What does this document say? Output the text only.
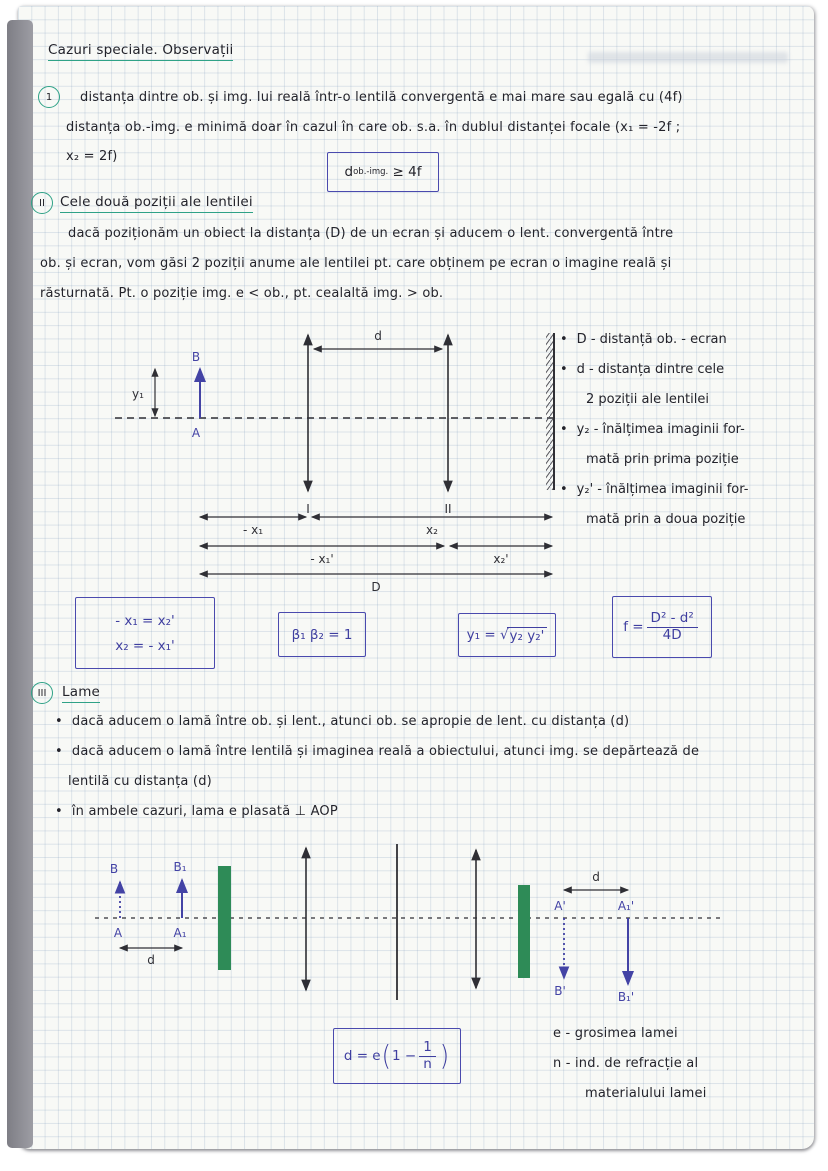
Cazuri speciale. Observații
1	distanța dintre ob. și img. lui reală într-o lentilă convergentă e mai mare sau egală cu (4f)
distanța ob.-img. e minimă doar în cazul în care ob. s.a. în dublul distanței focale (x₁ = -2f ;
x₂ = 2f)
d ob.-img.
≥ 4f
II	Cele două poziții ale lentilei
dacă poziționăm un obiect la distanța (D) de un ecran și aducem o lent. convergentă între
ob. și ecran, vom găsi 2 poziții anume ale lentilei pt. care obținem pe ecran o imagine reală și
răsturnată. Pt. o poziție img. e < ob., pt. cealaltă img. > ob.
B
A
y₁
I	II
d
- x₁	x₂
- x₁'	x₂'
D
• D - distanță ob. - ecran
• d - distanța dintre cele
2 poziții ale lentilei
• y₂ - înălțimea imaginii for-
mată prin prima poziție
• y₂' - înălțimea imaginii for-
mată prin a doua poziție
- x₁ = x₂'
x₂ = - x₁'
β₁ β₂ = 1	y₁ =
√ y₂ y₂'
$f = \frac{\text{D² - d²}}{4D}$
III	Lame
• dacă aducem o lamă între ob. și lent., atunci ob. se apropie de lent. cu distanța (d)
• dacă aducem o lamă între lentilă și imaginea reală a obiectului, atunci img. se depărtează de
lentilă cu distanța (d)
• în ambele cazuri, lama e plasată ⊥ AOP
B
A
B₁
A₁
d
d
A'
B'
A₁'
B₁'
d = e ( $1 - \frac{1}{n}$ )
e - grosimea lamei
n - ind. de refracție al
materialului lamei
